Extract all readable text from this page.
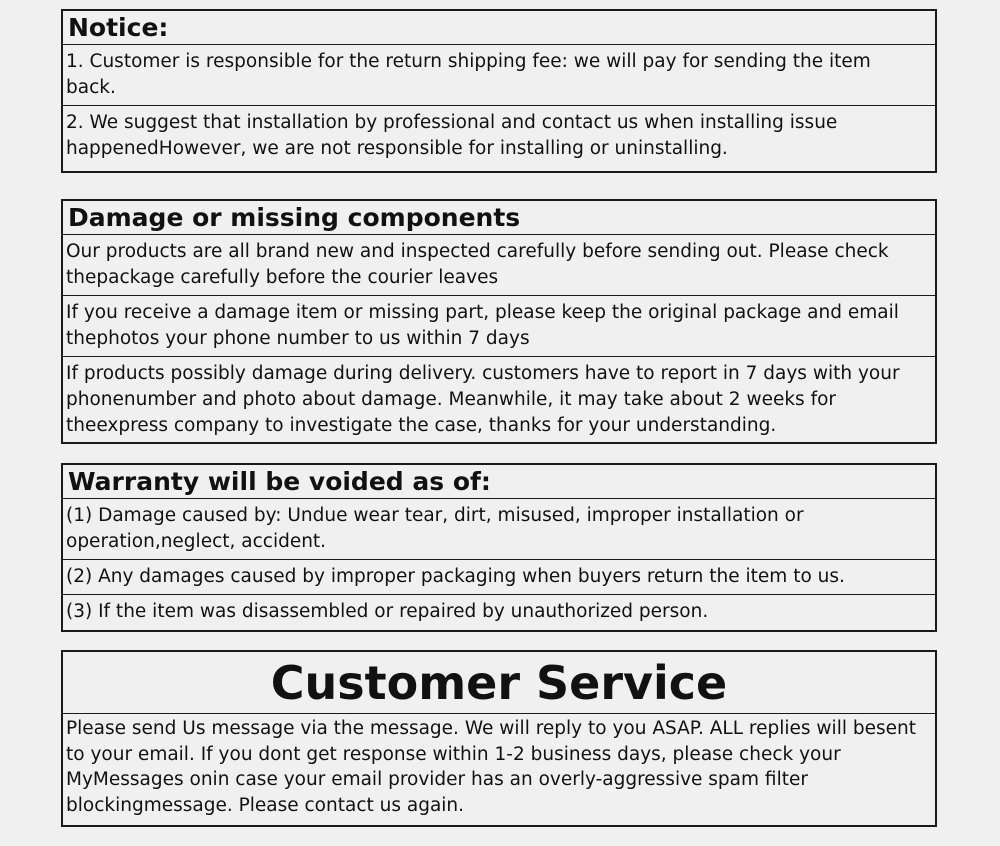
Notice:
1. Customer is responsible for the return shipping fee: we will pay for sending the item
back.
2. We suggest that installation by professional and contact us when installing issue
happenedHowever, we are not responsible for installing or uninstalling.
Damage or missing components
Our products are all brand new and inspected carefully before sending out. Please check
thepackage carefully before the courier leaves
If you receive a damage item or missing part, please keep the original package and email
thephotos your phone number to us within 7 days
If products possibly damage during delivery. customers have to report in 7 days with your
phonenumber and photo about damage. Meanwhile, it may take about 2 weeks for
theexpress company to investigate the case, thanks for your understanding.
Warranty will be voided as of:
(1) Damage caused by: Undue wear tear, dirt, misused, improper installation or
operation,neglect, accident.
(2) Any damages caused by improper packaging when buyers return the item to us.
(3) If the item was disassembled or repaired by unauthorized person.
Customer Service
Please send Us message via the message. We will reply to you ASAP. ALL replies will besent
to your email. If you dont get response within 1-2 business days, please check your
MyMessages onin case your email provider has an overly-aggressive spam filter
blockingmessage. Please contact us again.
